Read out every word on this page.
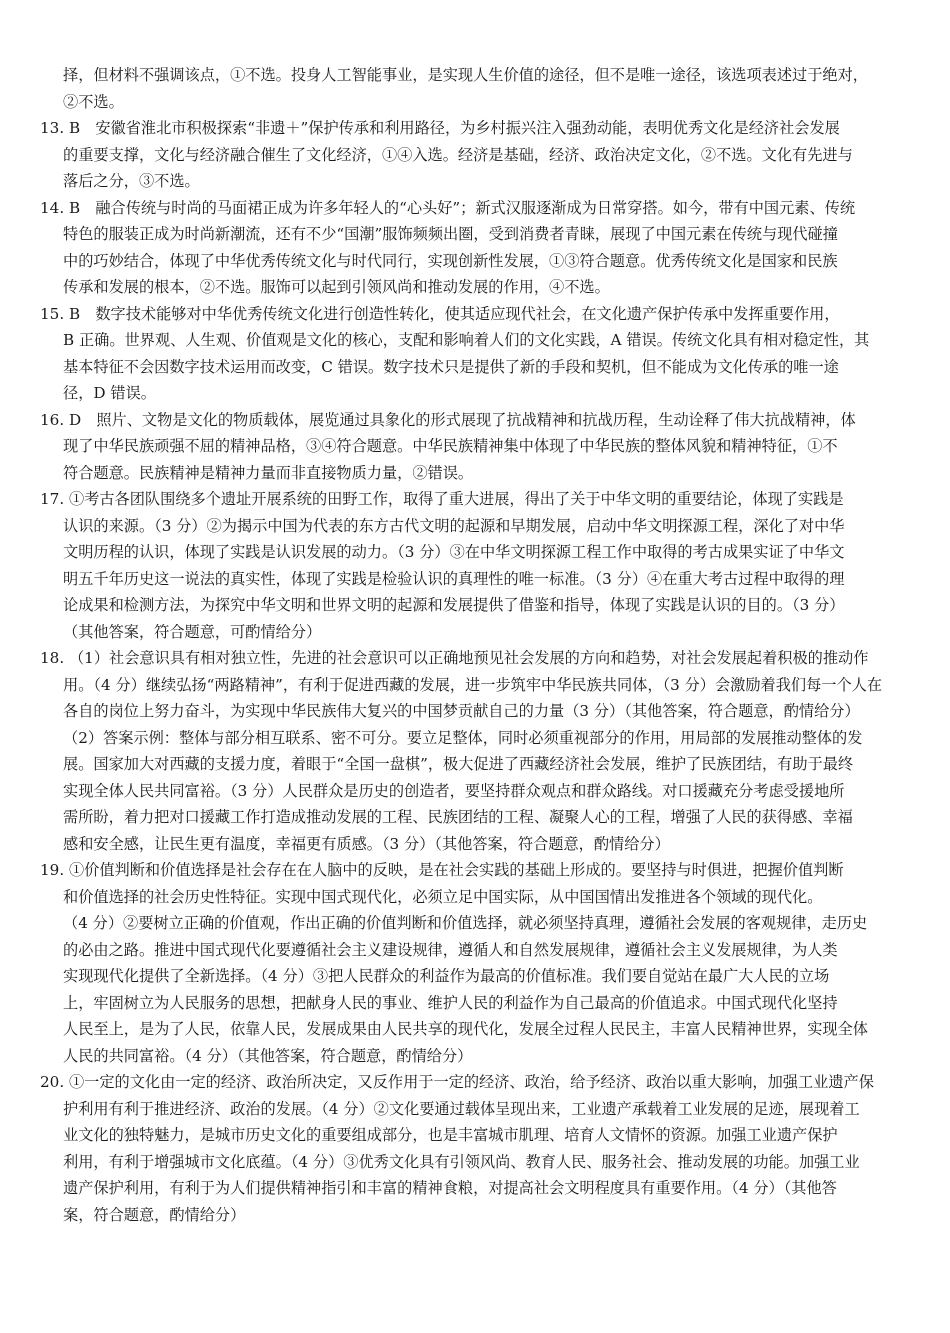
择，但材料不强调该点，①不选。投身人工智能事业，是实现人生价值的途径，但不是唯一途径，该选项表述过于绝对，
②不选。
13. B　安徽省淮北市积极探索“非遗＋”保护传承和利用路径，为乡村振兴注入强劲动能，表明优秀文化是经济社会发展
的重要支撑，文化与经济融合催生了文化经济，①④入选。经济是基础，经济、政治决定文化，②不选。文化有先进与
落后之分，③不选。
14. B　融合传统与时尚的马面裙正成为许多年轻人的“心头好”；新式汉服逐渐成为日常穿搭。如今，带有中国元素、传统
特色的服装正成为时尚新潮流，还有不少“国潮”服饰频频出圈，受到消费者青睐，展现了中国元素在传统与现代碰撞
中的巧妙结合，体现了中华优秀传统文化与时代同行，实现创新性发展，①③符合题意。优秀传统文化是国家和民族
传承和发展的根本，②不选。服饰可以起到引领风尚和推动发展的作用，④不选。
15. B　数字技术能够对中华优秀传统文化进行创造性转化，使其适应现代社会，在文化遗产保护传承中发挥重要作用，
B 正确。世界观、人生观、价值观是文化的核心，支配和影响着人们的文化实践，A 错误。传统文化具有相对稳定性，其
基本特征不会因数字技术运用而改变，C 错误。数字技术只是提供了新的手段和契机，但不能成为文化传承的唯一途
径，D 错误。
16. D　照片、文物是文化的物质载体，展览通过具象化的形式展现了抗战精神和抗战历程，生动诠释了伟大抗战精神，体
现了中华民族顽强不屈的精神品格，③④符合题意。中华民族精神集中体现了中华民族的整体风貌和精神特征，①不
符合题意。民族精神是精神力量而非直接物质力量，②错误。
17. ①考古各团队围绕多个遗址开展系统的田野工作，取得了重大进展，得出了关于中华文明的重要结论，体现了实践是
认识的来源。（3 分）②为揭示中国为代表的东方古代文明的起源和早期发展，启动中华文明探源工程，深化了对中华
文明历程的认识，体现了实践是认识发展的动力。（3 分）③在中华文明探源工程工作中取得的考古成果实证了中华文
明五千年历史这一说法的真实性，体现了实践是检验认识的真理性的唯一标准。（3 分）④在重大考古过程中取得的理
论成果和检测方法，为探究中华文明和世界文明的起源和发展提供了借鉴和指导，体现了实践是认识的目的。（3 分）
（其他答案，符合题意，可酌情给分）
18. （1）社会意识具有相对独立性，先进的社会意识可以正确地预见社会发展的方向和趋势，对社会发展起着积极的推动作
用。（4 分）继续弘扬“两路精神”，有利于促进西藏的发展，进一步筑牢中华民族共同体，（3 分）会激励着我们每一个人在
各自的岗位上努力奋斗，为实现中华民族伟大复兴的中国梦贡献自己的力量（3 分）（其他答案，符合题意，酌情给分）
（2）答案示例：整体与部分相互联系、密不可分。要立足整体，同时必须重视部分的作用，用局部的发展推动整体的发
展。国家加大对西藏的支援力度，着眼于“全国一盘棋”，极大促进了西藏经济社会发展，维护了民族团结，有助于最终
实现全体人民共同富裕。（3 分）人民群众是历史的创造者，要坚持群众观点和群众路线。对口援藏充分考虑受援地所
需所盼，着力把对口援藏工作打造成推动发展的工程、民族团结的工程、凝聚人心的工程，增强了人民的获得感、幸福
感和安全感，让民生更有温度，幸福更有质感。（3 分）（其他答案，符合题意，酌情给分）
19. ①价值判断和价值选择是社会存在在人脑中的反映，是在社会实践的基础上形成的。要坚持与时俱进，把握价值判断
和价值选择的社会历史性特征。实现中国式现代化，必须立足中国实际，从中国国情出发推进各个领域的现代化。
（4 分）②要树立正确的价值观，作出正确的价值判断和价值选择，就必须坚持真理，遵循社会发展的客观规律，走历史
的必由之路。推进中国式现代化要遵循社会主义建设规律，遵循人和自然发展规律，遵循社会主义发展规律，为人类
实现现代化提供了全新选择。（4 分）③把人民群众的利益作为最高的价值标准。我们要自觉站在最广大人民的立场
上，牢固树立为人民服务的思想，把献身人民的事业、维护人民的利益作为自己最高的价值追求。中国式现代化坚持
人民至上，是为了人民，依靠人民，发展成果由人民共享的现代化，发展全过程人民民主，丰富人民精神世界，实现全体
人民的共同富裕。（4 分）（其他答案，符合题意，酌情给分）
20. ①一定的文化由一定的经济、政治所决定，又反作用于一定的经济、政治，给予经济、政治以重大影响，加强工业遗产保
护利用有利于推进经济、政治的发展。（4 分）②文化要通过载体呈现出来，工业遗产承载着工业发展的足迹，展现着工
业文化的独特魅力，是城市历史文化的重要组成部分，也是丰富城市肌理、培育人文情怀的资源。加强工业遗产保护
利用，有利于增强城市文化底蕴。（4 分）③优秀文化具有引领风尚、教育人民、服务社会、推动发展的功能。加强工业
遗产保护利用，有利于为人们提供精神指引和丰富的精神食粮，对提高社会文明程度具有重要作用。（4 分）（其他答
案，符合题意，酌情给分）
